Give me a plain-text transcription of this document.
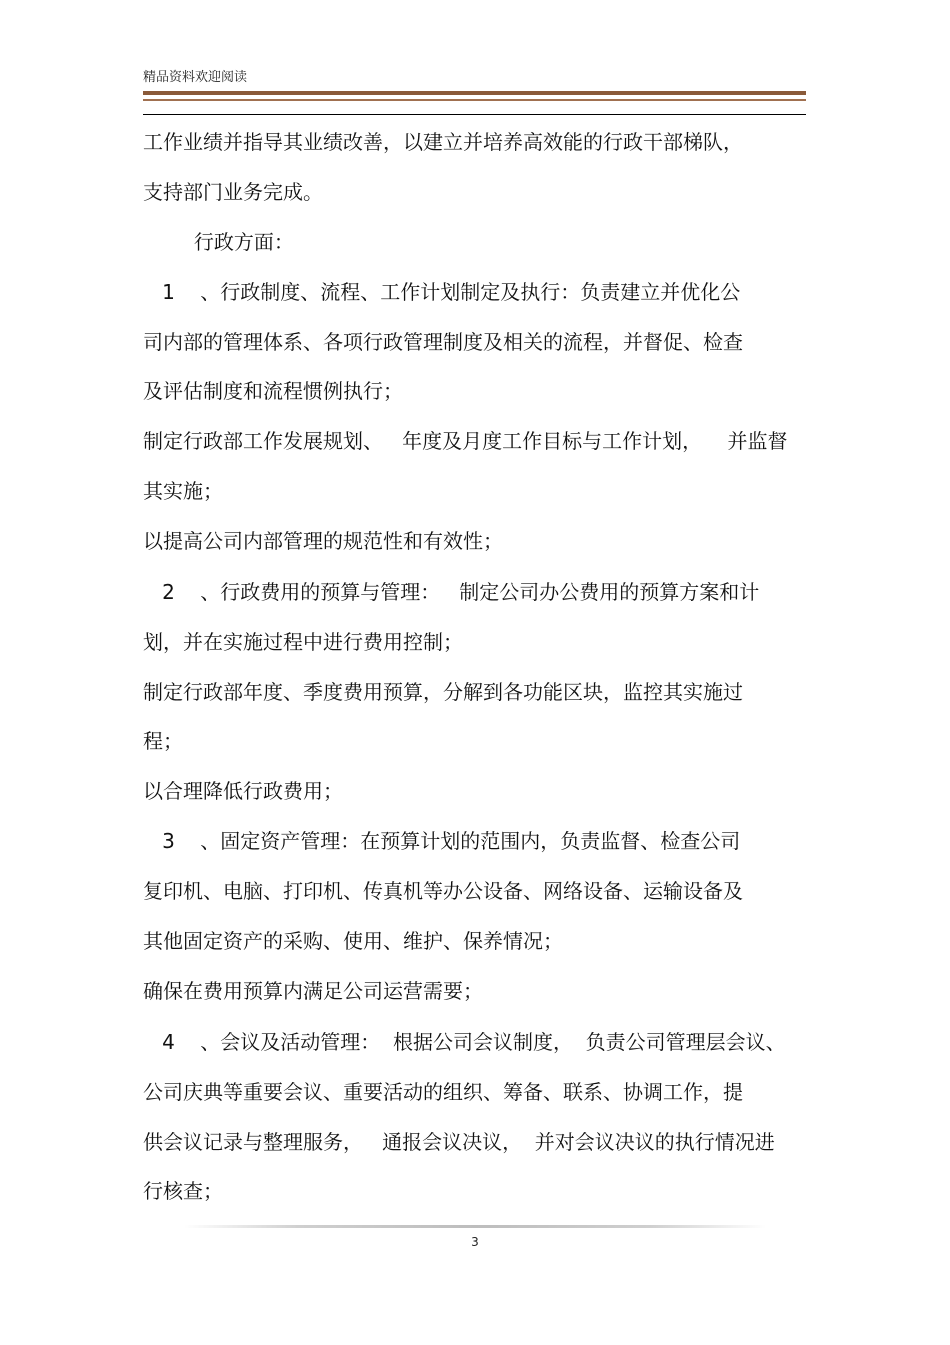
精品资料欢迎阅读
工作业绩并指导其业绩改善，以建立并培养高效能的行政干部梯队，
支持部门业务完成。
行政方面：
1    、行政制度、流程、工作计划制定及执行：负责建立并优化公
司内部的管理体系、各项行政管理制度及相关的流程，并督促、检查
及评估制度和流程惯例执行；
制定行政部工作发展规划、   年度及月度工作目标与工作计划，    并监督
其实施；
以提高公司内部管理的规范性和有效性；
2    、行政费用的预算与管理：   制定公司办公费用的预算方案和计
划，并在实施过程中进行费用控制；
制定行政部年度、季度费用预算，分解到各功能区块，监控其实施过
程；
以合理降低行政费用；
3    、固定资产管理：在预算计划的范围内，负责监督、检查公司
复印机、电脑、打印机、传真机等办公设备、网络设备、运输设备及
其他固定资产的采购、使用、维护、保养情况；
确保在费用预算内满足公司运营需要；
4    、会议及活动管理：  根据公司会议制度，  负责公司管理层会议、
公司庆典等重要会议、重要活动的组织、筹备、联系、协调工作，提
供会议记录与整理服务，   通报会议决议，  并对会议决议的执行情况进
行核查；
3
